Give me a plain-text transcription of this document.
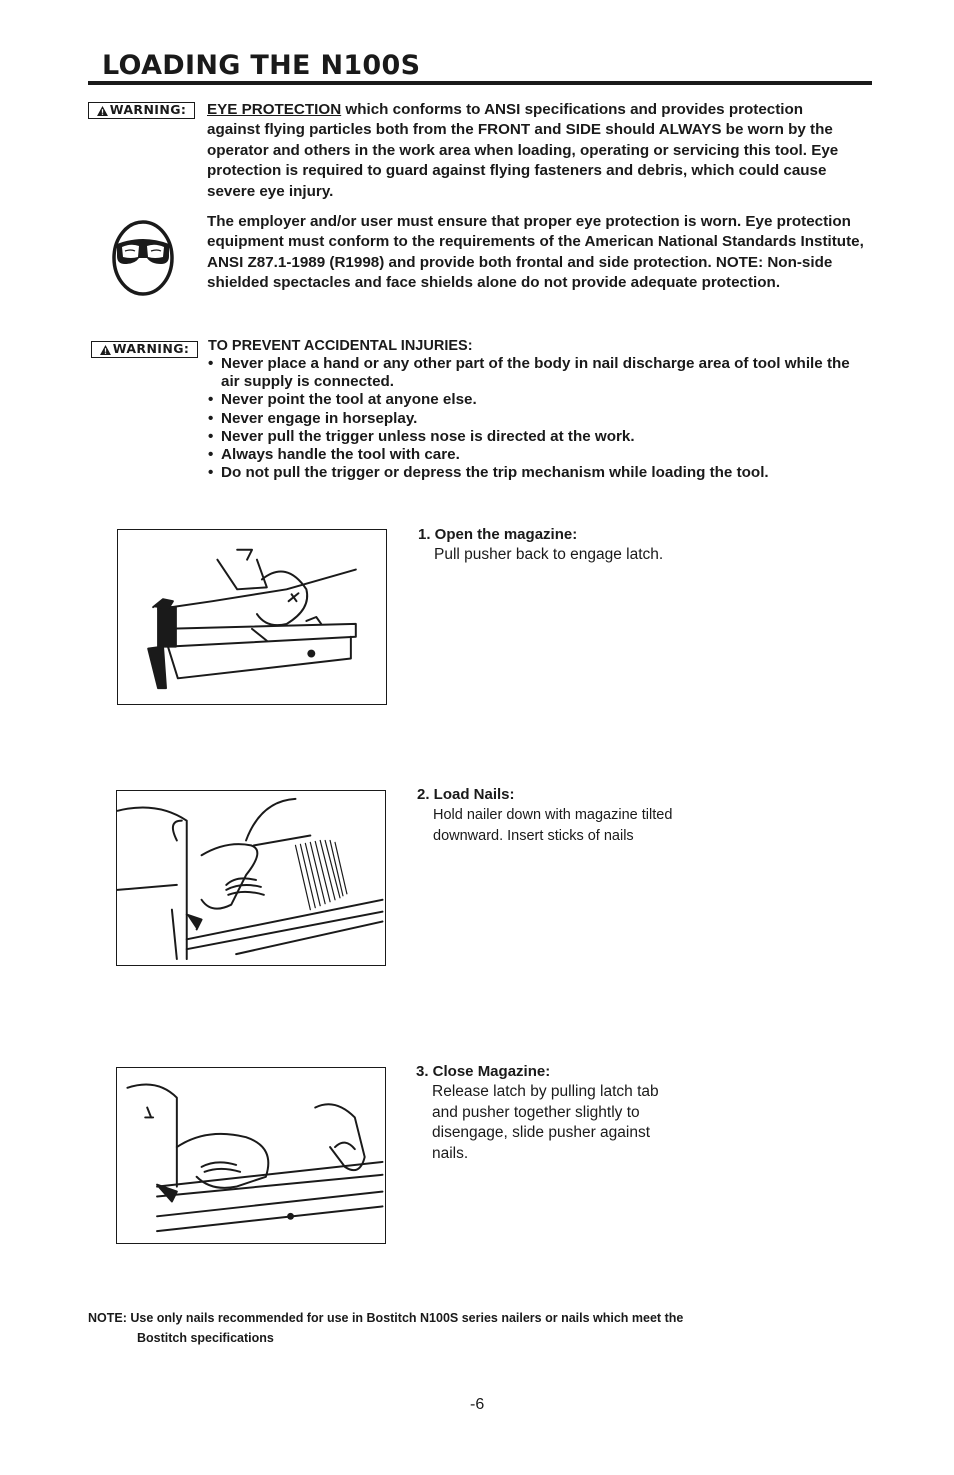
LOADING THE N100S
WARNING: EYE PROTECTION which conforms to ANSI specifications and provides protection against flying particles both from the FRONT and SIDE should ALWAYS be worn by the operator and others in the work area when loading, operating or servicing this tool. Eye protection is required to guard against flying fasteners and debris, which could cause severe eye injury.

The employer and/or user must ensure that proper eye protection is worn. Eye protection equipment must conform to the requirements of the American National Standards Institute, ANSI Z87.1-1989 (R1998) and provide both frontal and side protection. NOTE: Non-side shielded spectacles and face shields alone do not provide adequate protection.

WARNING: TO PREVENT ACCIDENTAL INJURIES:

• Never place a hand or any other part of the body in nail discharge area of tool while the air supply is connected.
• Never point the tool at anyone else.
• Never engage in horseplay.
• Never pull the trigger unless nose is directed at the work.
• Always handle the tool with care.
• Do not pull the trigger or depress the trip mechanism while loading the tool.

1. Open the magazine:

Pull pusher back to engage latch.

2. Load Nails:

Hold nailer down with magazine tilted

downward. Insert sticks of nails

3. Close Magazine:

Release latch by pulling latch tab

and pusher together slightly to

disengage, slide pusher against

nails.

NOTE: Use only nails recommended for use in Bostitch N100S series nailers or nails which meet the
Bostitch specifications

-6
